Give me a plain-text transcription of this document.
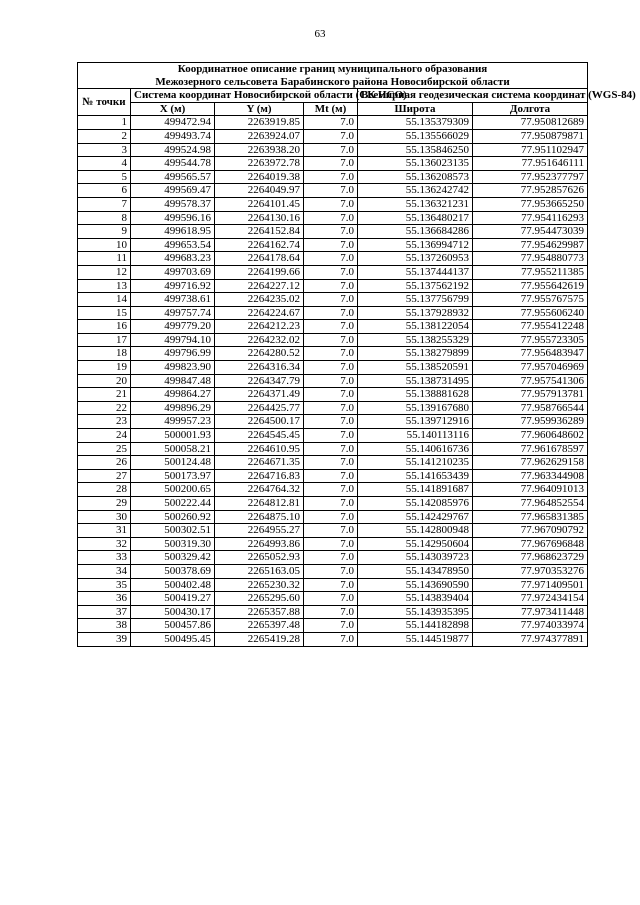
63
Координатное описание границ муниципального образования
Межозерного сельсовета Барабинского района Новосибирской области					
№ точки	Система координат Новосибирской области (СК НСО)			Всемирная геодезическая система координат (WGS-84)	
	X (м)	Y (м)	Mt (м)	Широта	Долгота
1	499472.94	2263919.85	7.0	55.135379309	77.950812689
2	499493.74	2263924.07	7.0	55.135566029	77.950879871
3	499524.98	2263938.20	7.0	55.135846250	77.951102947
4	499544.78	2263972.78	7.0	55.136023135	77.951646111
5	499565.57	2264019.38	7.0	55.136208573	77.952377797
6	499569.47	2264049.97	7.0	55.136242742	77.952857626
7	499578.37	2264101.45	7.0	55.136321231	77.953665250
8	499596.16	2264130.16	7.0	55.136480217	77.954116293
9	499618.95	2264152.84	7.0	55.136684286	77.954473039
10	499653.54	2264162.74	7.0	55.136994712	77.954629987
11	499683.23	2264178.64	7.0	55.137260953	77.954880773
12	499703.69	2264199.66	7.0	55.137444137	77.955211385
13	499716.92	2264227.12	7.0	55.137562192	77.955642619
14	499738.61	2264235.02	7.0	55.137756799	77.955767575
15	499757.74	2264224.67	7.0	55.137928932	77.955606240
16	499779.20	2264212.23	7.0	55.138122054	77.955412248
17	499794.10	2264232.02	7.0	55.138255329	77.955723305
18	499796.99	2264280.52	7.0	55.138279899	77.956483947
19	499823.90	2264316.34	7.0	55.138520591	77.957046969
20	499847.48	2264347.79	7.0	55.138731495	77.957541306
21	499864.27	2264371.49	7.0	55.138881628	77.957913781
22	499896.29	2264425.77	7.0	55.139167680	77.958766544
23	499957.23	2264500.17	7.0	55.139712916	77.959936289
24	500001.93	2264545.45	7.0	55.140113116	77.960648602
25	500058.21	2264610.95	7.0	55.140616736	77.961678597
26	500124.48	2264671.35	7.0	55.141210235	77.962629158
27	500173.97	2264716.83	7.0	55.141653439	77.963344908
28	500200.65	2264764.32	7.0	55.141891687	77.964091013
29	500222.44	2264812.81	7.0	55.142085976	77.964852554
30	500260.92	2264875.10	7.0	55.142429767	77.965831385
31	500302.51	2264955.27	7.0	55.142800948	77.967090792
32	500319.30	2264993.86	7.0	55.142950604	77.967696848
33	500329.42	2265052.93	7.0	55.143039723	77.968623729
34	500378.69	2265163.05	7.0	55.143478950	77.970353276
35	500402.48	2265230.32	7.0	55.143690590	77.971409501
36	500419.27	2265295.60	7.0	55.143839404	77.972434154
37	500430.17	2265357.88	7.0	55.143935395	77.973411448
38	500457.86	2265397.48	7.0	55.144182898	77.974033974
39	500495.45	2265419.28	7.0	55.144519877	77.974377891
